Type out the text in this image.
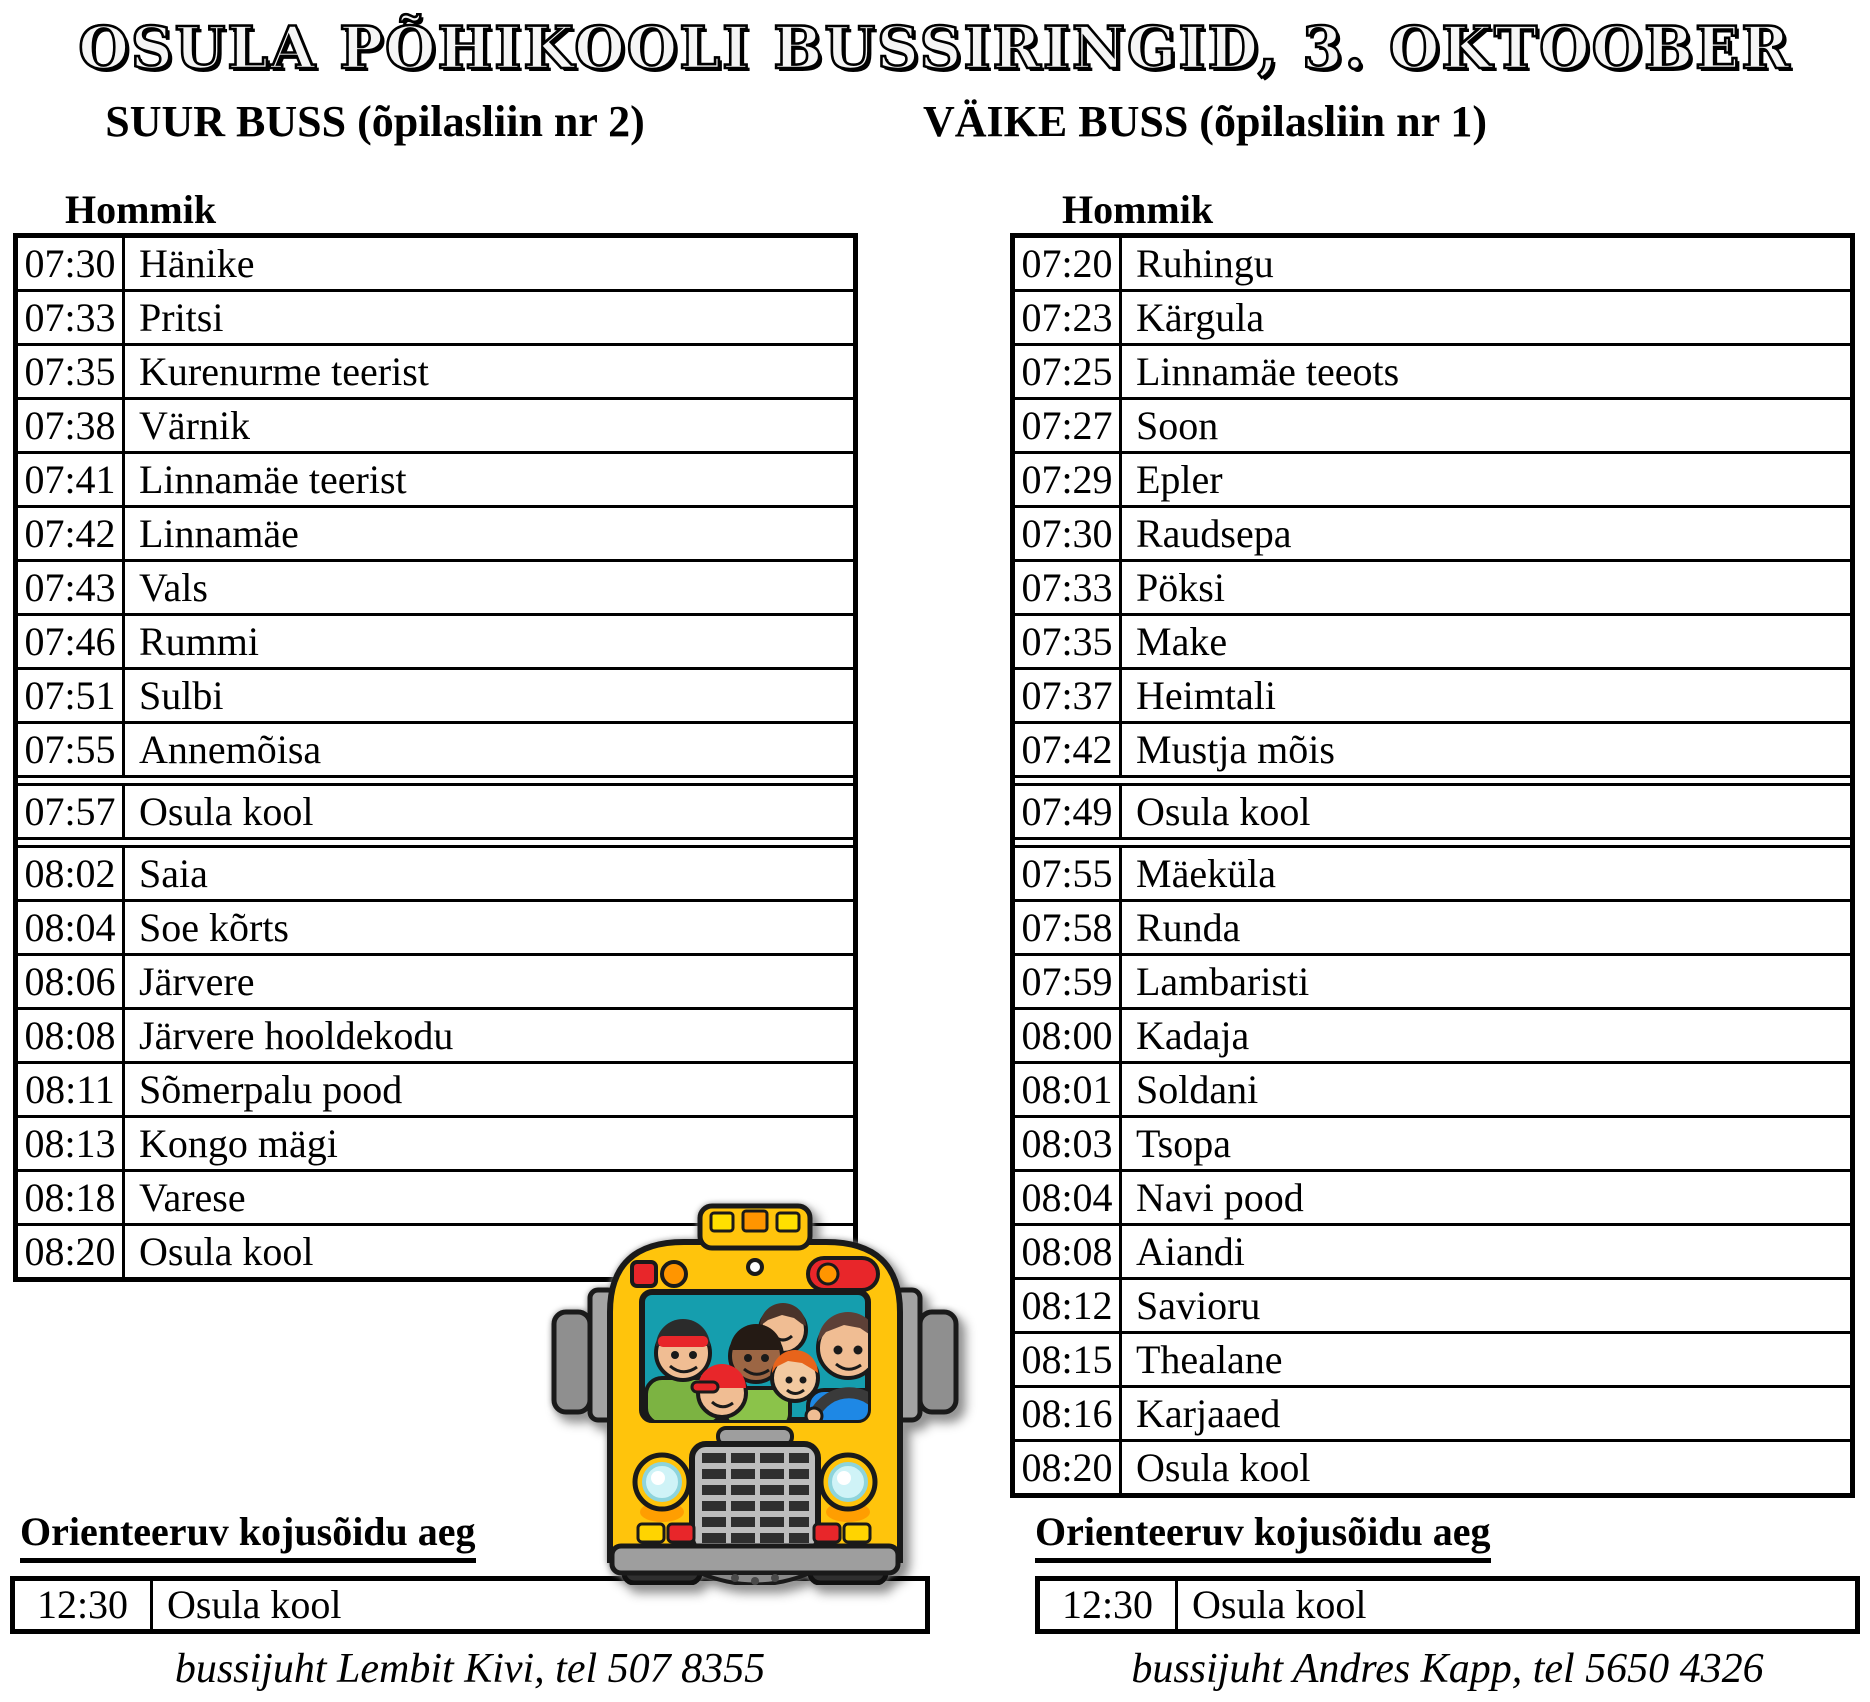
OSULA PÕHIKOOLI BUSSIRINGID, 3. OKTOOBER
SUUR BUSS (õpilasliin nr 2)	VÄIKE BUSS (õpilasliin nr 1)
Hommik	Hommik
07:30 Hänike
07:33 Pritsi
07:35 Kurenurme teerist
07:38 Värnik
07:41 Linnamäe teerist
07:42 Linnamäe
07:43 Vals
07:46 Rummi
07:51 Sulbi
07:55 Annemõisa
07:57 Osula kool
08:02 Saia
08:04 Soe kõrts
08:06 Järvere
08:08 Järvere hooldekodu
08:11 Sõmerpalu pood
08:13 Kongo mägi
08:18 Varese
08:20 Osula kool
07:20 Ruhingu
07:23 Kärgula
07:25 Linnamäe teeots
07:27 Soon
07:29 Epler
07:30 Raudsepa
07:33 Pöksi
07:35 Make
07:37 Heimtali
07:42 Mustja mõis
07:49 Osula kool
07:55 Mäeküla
07:58 Runda
07:59 Lambaristi
08:00 Kadaja
08:01 Soldani
08:03 Tsopa
08:04 Navi pood
08:08 Aiandi
08:12 Savioru
08:15 Thealane
08:16 Karjaaed
08:20 Osula kool
Orienteeruv kojusõidu aeg	Orienteeruv kojusõidu aeg
12:30 Osula kool	12:30 Osula kool
bussijuht Lembit Kivi, tel 507 8355	bussijuht Andres Kapp, tel 5650 4326
